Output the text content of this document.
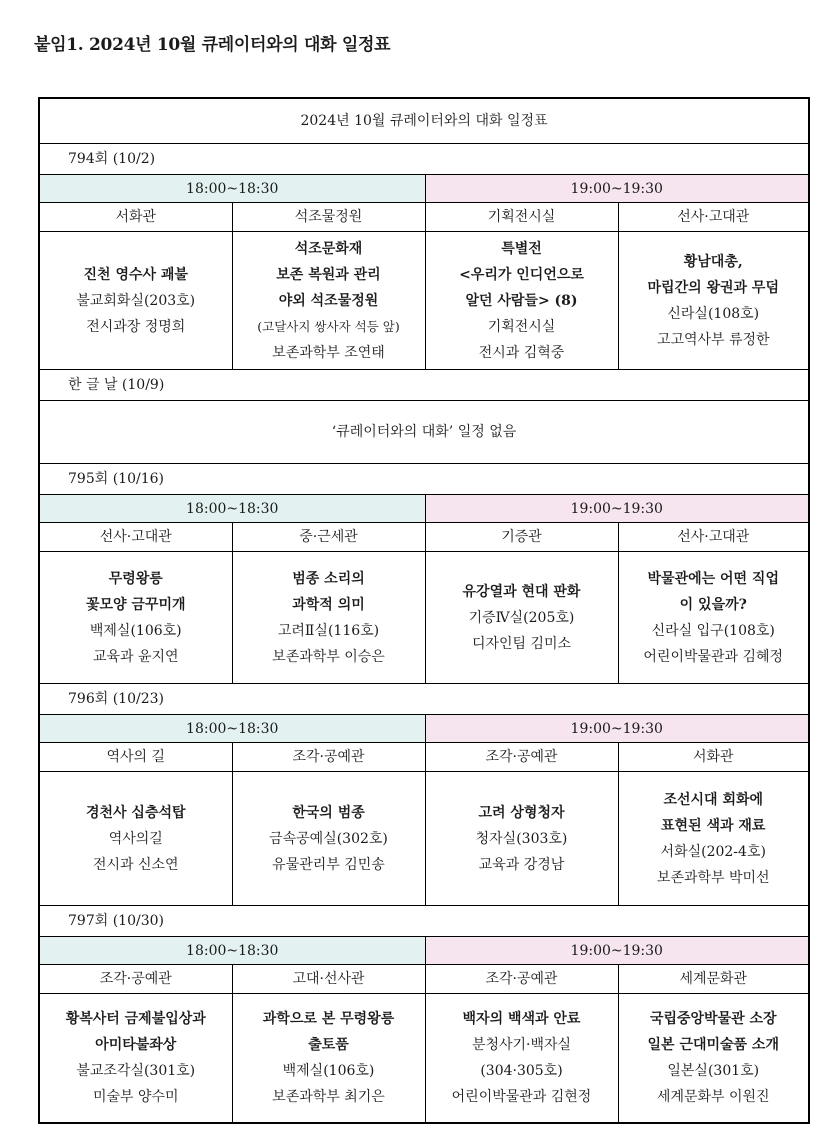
붙임1. 2024년 10월 큐레이터와의 대화 일정표
2024년 10월 큐레이터와의 대화 일정표			
794회 (10/2)			
18:00~18:30		19:00~19:30	
서화관	석조물정원	기획전시실	선사·고대관

진천 영수사 괘불
불교회화실(203호)
전시과장 정명희	석조문화재
보존 복원과 관리
야외 석조물정원
(고달사지 쌍사자 석등 앞)
보존과학부 조연태	특별전
<우리가 인디언으로
알던 사람들> (8)
기획전시실
전시과 김혁중	황남대총,
마립간의 왕권과 무덤
신라실(108호)
고고역사부 류정한

한 글 날 (10/9)			
‘큐레이터와의 대화’ 일정 없음			
795회 (10/16)			
18:00~18:30		19:00~19:30	
선사·고대관	중·근세관	기증관	선사·고대관

무령왕릉
꽃모양 금꾸미개
백제실(106호)
교육과 윤지연	범종 소리의
과학적 의미
고려Ⅱ실(116호)
보존과학부 이승은	유강열과 현대 판화
기증Ⅳ실(205호)
디자인팀 김미소	박물관에는 어떤 직업
이 있을까?
신라실 입구(108호)
어린이박물관과 김혜정

796회 (10/23)			
18:00~18:30		19:00~19:30	
역사의 길	조각·공예관	조각·공예관	서화관

경천사 십층석탑
역사의길
전시과 신소연	한국의 범종
금속공예실(302호)
유물관리부 김민송	고려 상형청자
청자실(303호)
교육과 강경남	조선시대 회화에
표현된 색과 재료
서화실(202-4호)
보존과학부 박미선

797회 (10/30)			
18:00~18:30		19:00~19:30	
조각·공예관	고대·선사관	조각·공예관	세계문화관

황복사터 금제불입상과
아미타불좌상
불교조각실(301호)
미술부 양수미	과학으로 본 무령왕릉
출토품
백제실(106호)
보존과학부 최기은	백자의 백색과 안료
분청사기·백자실
(304·305호)
어린이박물관과 김현정	국립중앙박물관 소장
일본 근대미술품 소개
일본실(301호)
세계문화부 이원진
